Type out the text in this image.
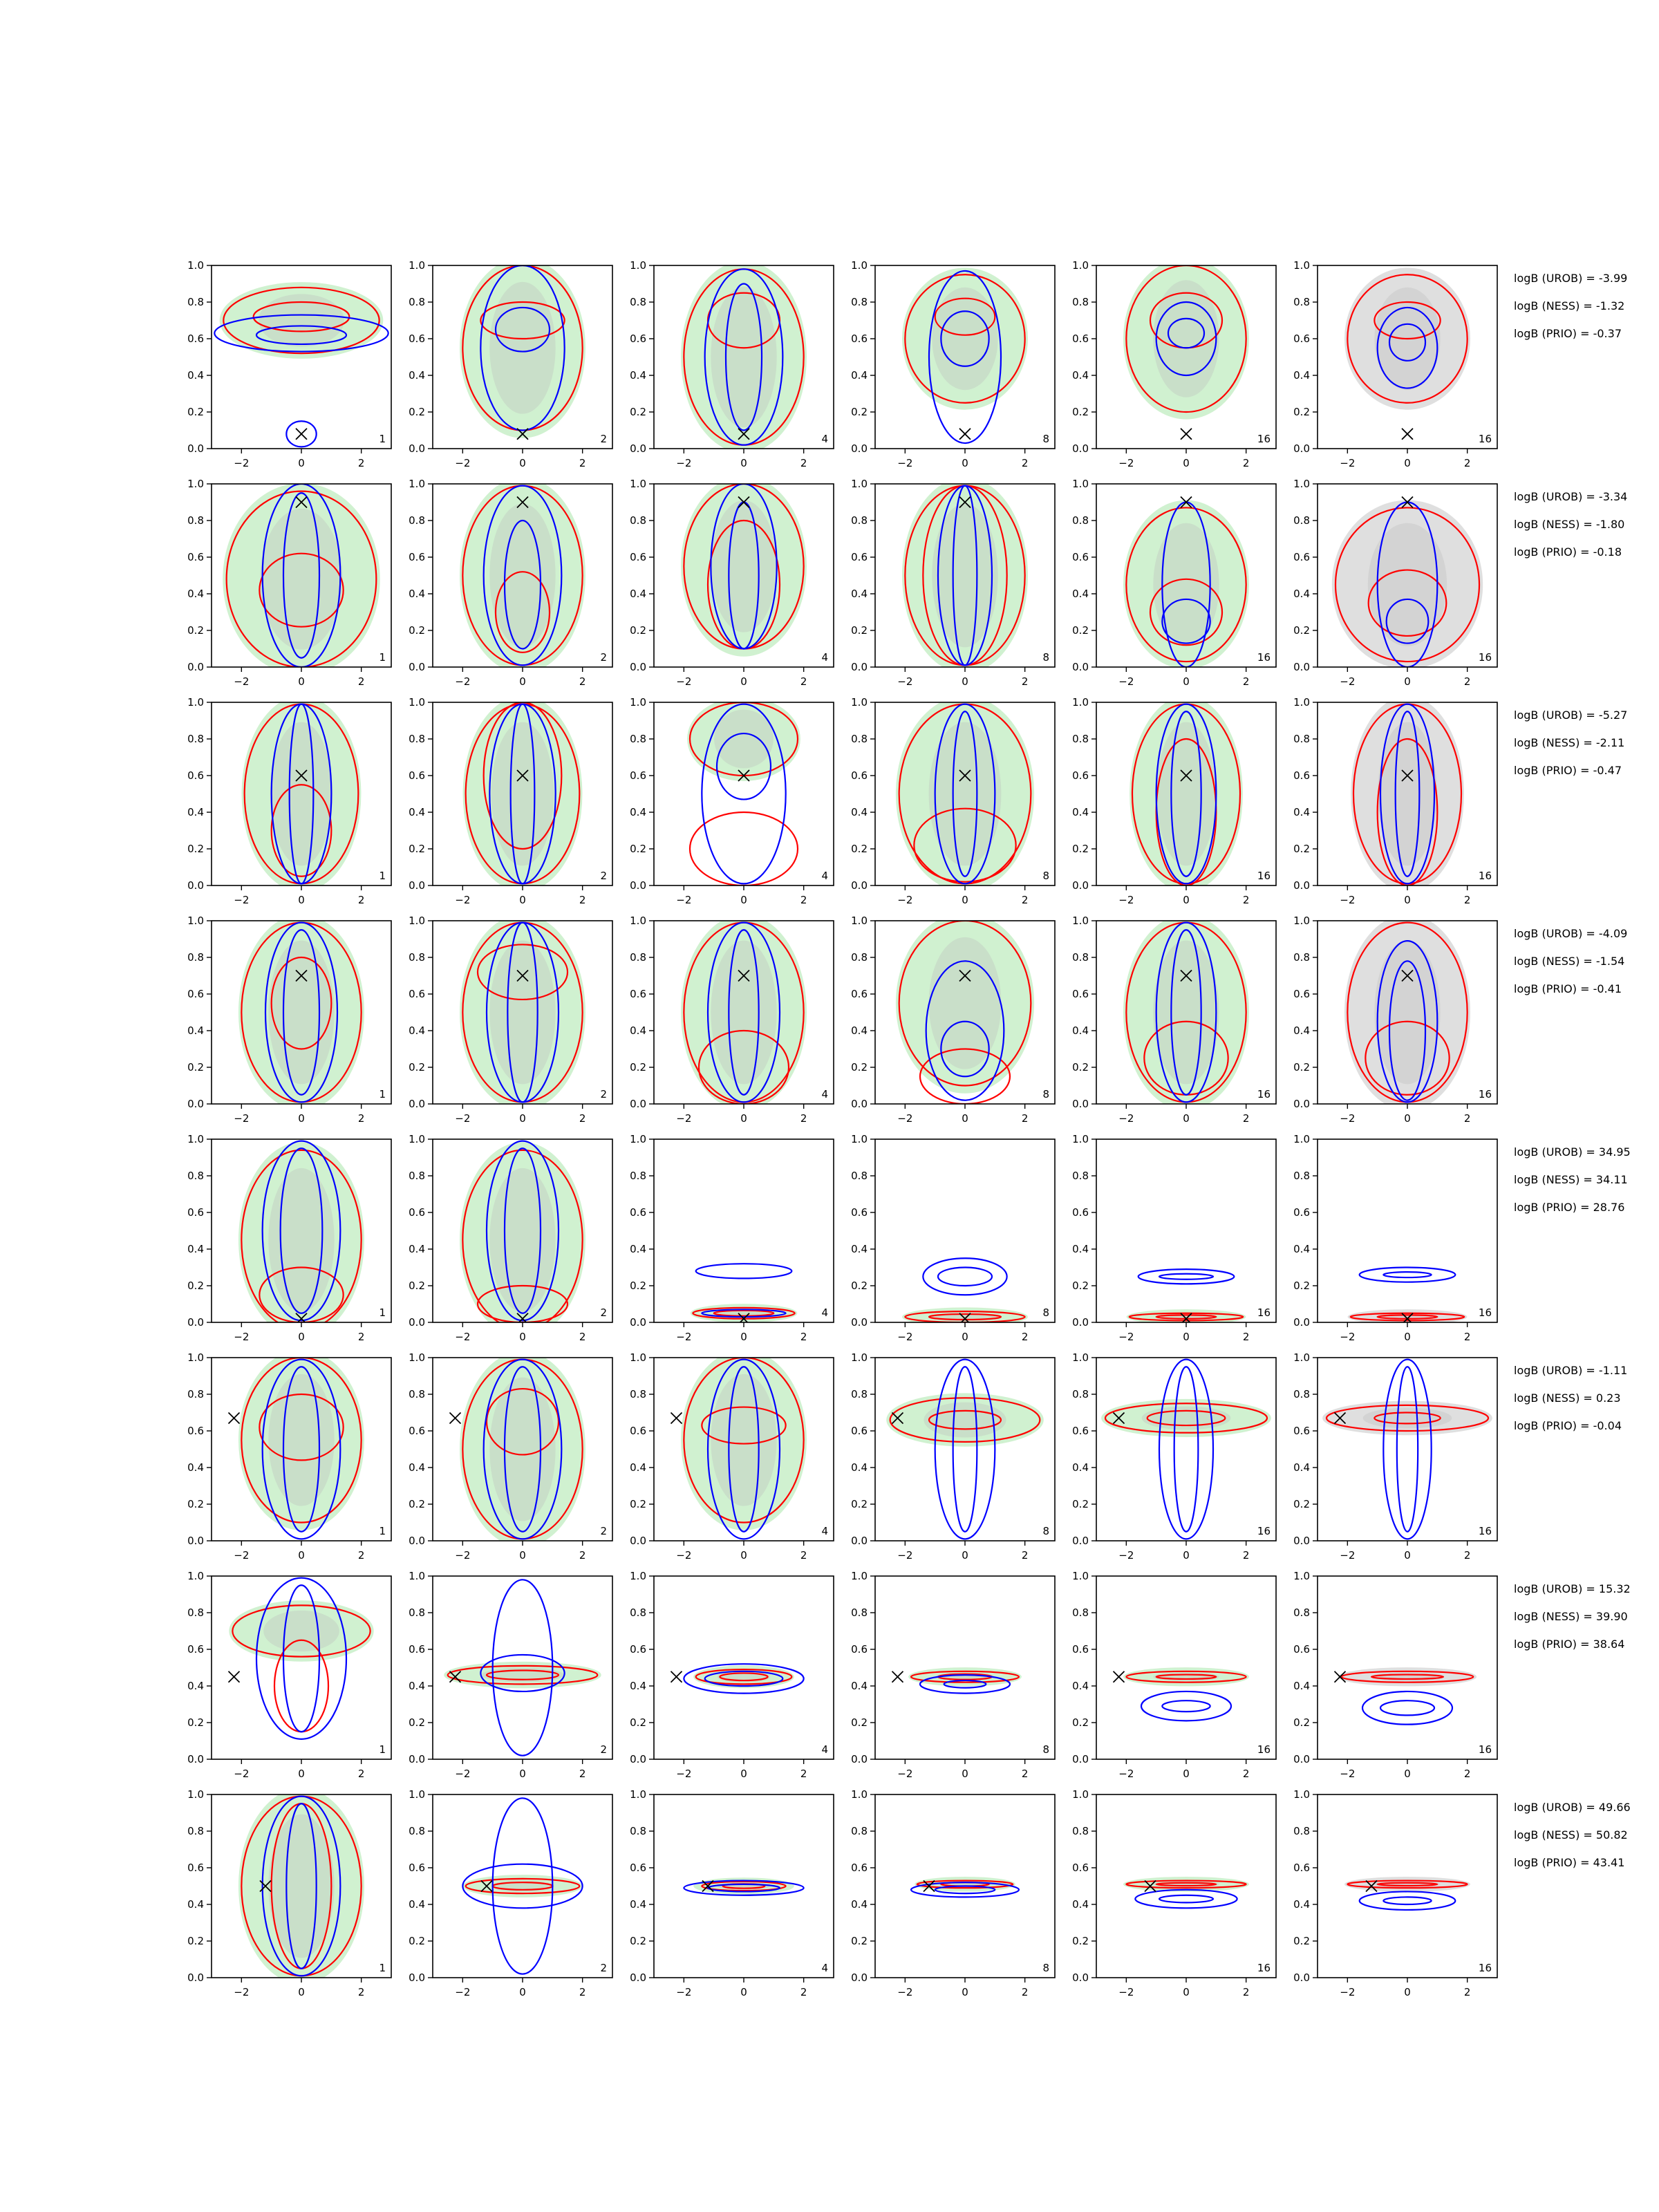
−2	0	2
0.0
0.2
0.4
0.6
0.8
1.0
1
−2	0	2
0.0
0.2
0.4
0.6
0.8
1.0
2
−2	0	2
0.0
0.2
0.4
0.6
0.8
1.0
4
−2	0	2
0.0
0.2
0.4
0.6
0.8
1.0
8
−2	0	2
0.0
0.2
0.4
0.6
0.8
1.0
16
−2	0	2
0.0
0.2
0.4
0.6
0.8
1.0
16
logB (UROB) = -3.99
logB (NESS) = -1.32
logB (PRIO) = -0.37
−2	0	2
0.0
0.2
0.4
0.6
0.8
1.0
1
−2	0	2
0.0
0.2
0.4
0.6
0.8
1.0
2
−2	0	2
0.0
0.2
0.4
0.6
0.8
1.0
4
−2	0	2
0.0
0.2
0.4
0.6
0.8
1.0
8
−2	0	2
0.0
0.2
0.4
0.6
0.8
1.0
16
−2	0	2
0.0
0.2
0.4
0.6
0.8
1.0
16
logB (UROB) = -3.34
logB (NESS) = -1.80
logB (PRIO) = -0.18
−2	0	2
0.0
0.2
0.4
0.6
0.8
1.0
1
−2	0	2
0.0
0.2
0.4
0.6
0.8
1.0
2
−2	0	2
0.0
0.2
0.4
0.6
0.8
1.0
4
−2	0	2
0.0
0.2
0.4
0.6
0.8
1.0
8
−2	0	2
0.0
0.2
0.4
0.6
0.8
1.0
16
−2	0	2
0.0
0.2
0.4
0.6
0.8
1.0
16
logB (UROB) = -5.27
logB (NESS) = -2.11
logB (PRIO) = -0.47
−2	0	2
0.0
0.2
0.4
0.6
0.8
1.0
1
−2	0	2
0.0
0.2
0.4
0.6
0.8
1.0
2
−2	0	2
0.0
0.2
0.4
0.6
0.8
1.0
4
−2	0	2
0.0
0.2
0.4
0.6
0.8
1.0
8
−2	0	2
0.0
0.2
0.4
0.6
0.8
1.0
16
−2	0	2
0.0
0.2
0.4
0.6
0.8
1.0
16
logB (UROB) = -4.09
logB (NESS) = -1.54
logB (PRIO) = -0.41
−2	0	2
0.0
0.2
0.4
0.6
0.8
1.0
1
−2	0	2
0.0
0.2
0.4
0.6
0.8
1.0
2
−2	0	2
0.0
0.2
0.4
0.6
0.8
1.0
4
−2	0	2
0.0
0.2
0.4
0.6
0.8
1.0
8
−2	0	2
0.0
0.2
0.4
0.6
0.8
1.0
16
−2	0	2
0.0
0.2
0.4
0.6
0.8
1.0
16
logB (UROB) = 34.95
logB (NESS) = 34.11
logB (PRIO) = 28.76
−2	0	2
0.0
0.2
0.4
0.6
0.8
1.0
1
−2	0	2
0.0
0.2
0.4
0.6
0.8
1.0
2
−2	0	2
0.0
0.2
0.4
0.6
0.8
1.0
4
−2	0	2
0.0
0.2
0.4
0.6
0.8
1.0
8
−2	0	2
0.0
0.2
0.4
0.6
0.8
1.0
16
−2	0	2
0.0
0.2
0.4
0.6
0.8
1.0
16
logB (UROB) = -1.11
logB (NESS) = 0.23
logB (PRIO) = -0.04
−2	0	2
0.0
0.2
0.4
0.6
0.8
1.0
1
−2	0	2
0.0
0.2
0.4
0.6
0.8
1.0
2
−2	0	2
0.0
0.2
0.4
0.6
0.8
1.0
4
−2	0	2
0.0
0.2
0.4
0.6
0.8
1.0
8
−2	0	2
0.0
0.2
0.4
0.6
0.8
1.0
16
−2	0	2
0.0
0.2
0.4
0.6
0.8
1.0
16
logB (UROB) = 15.32
logB (NESS) = 39.90
logB (PRIO) = 38.64
−2	0	2
0.0
0.2
0.4
0.6
0.8
1.0
1
−2	0	2
0.0
0.2
0.4
0.6
0.8
1.0
2
−2	0	2
0.0
0.2
0.4
0.6
0.8
1.0
4
−2	0	2
0.0
0.2
0.4
0.6
0.8
1.0
8
−2	0	2
0.0
0.2
0.4
0.6
0.8
1.0
16
−2	0	2
0.0
0.2
0.4
0.6
0.8
1.0
16
logB (UROB) = 49.66
logB (NESS) = 50.82
logB (PRIO) = 43.41
